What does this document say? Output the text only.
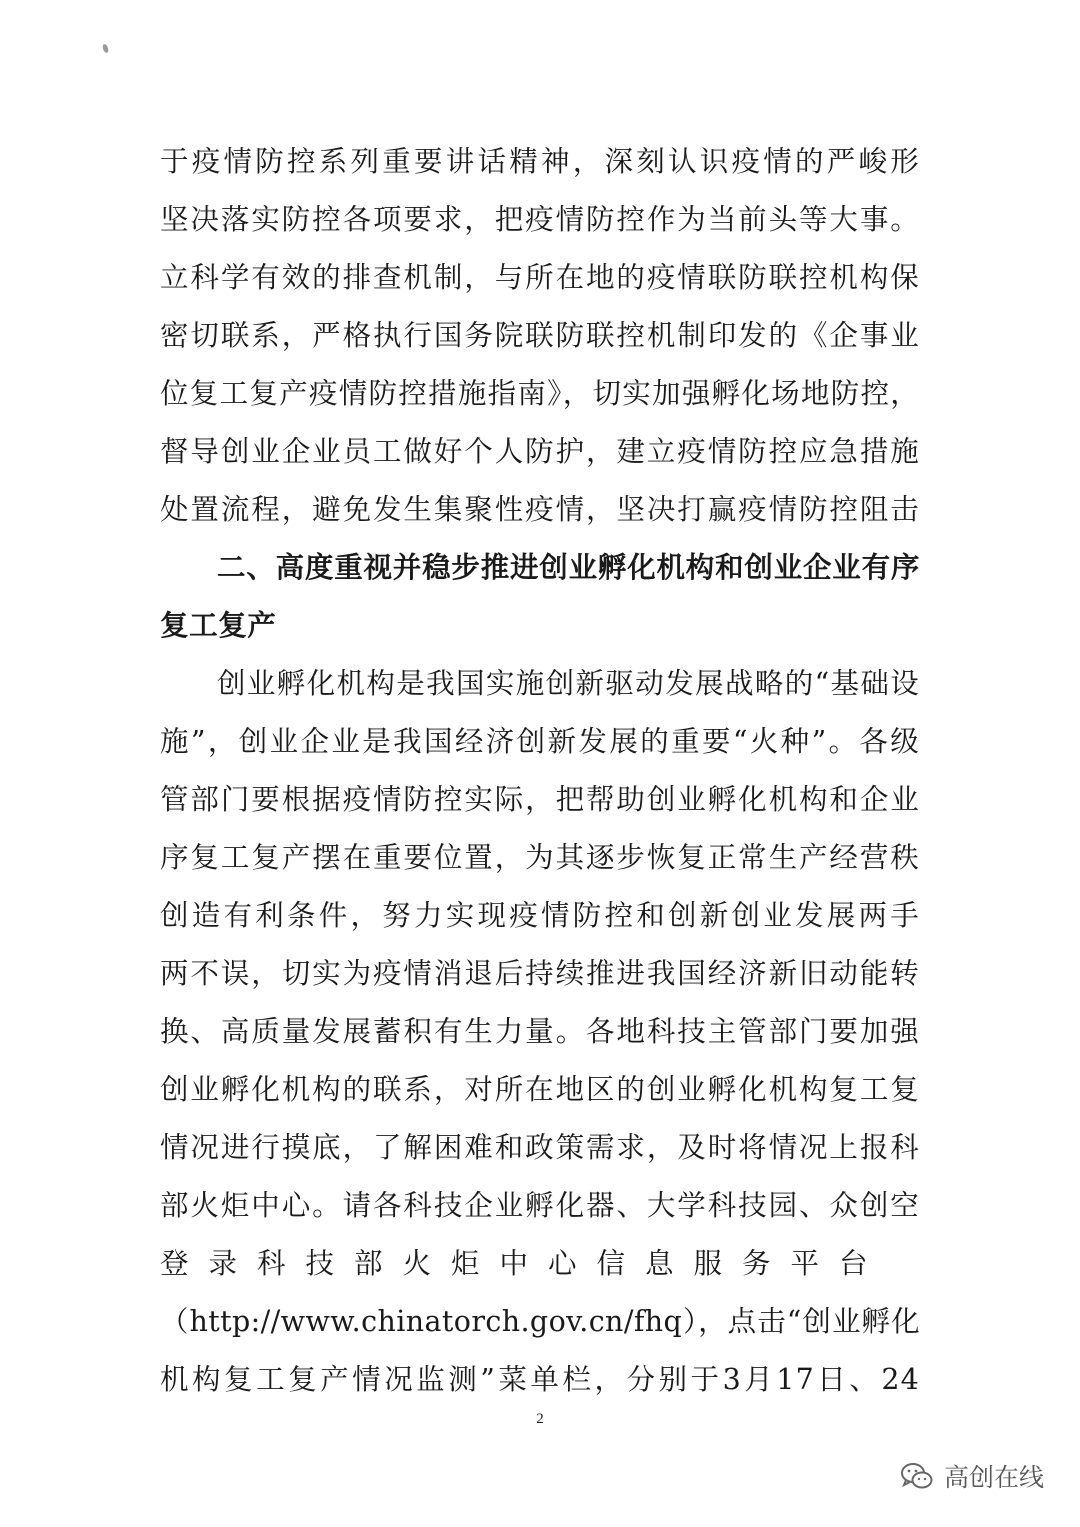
于疫情防控系列重要讲话精神，深刻认识疫情的严峻形
坚决落实防控各项要求，把疫情防控作为当前头等大事。
立科学有效的排查机制，与所在地的疫情联防联控机构保
密切联系，严格执行国务院联防联控机制印发的《企事业
位复工复产疫情防控措施指南》，切实加强孵化场地防控，
督导创业企业员工做好个人防护，建立疫情防控应急措施
处置流程，避免发生集聚性疫情，坚决打赢疫情防控阻击
二、高度重视并稳步推进创业孵化机构和创业企业有序
复工复产
创业孵化机构是我国实施创新驱动发展战略的“基础设
施”，创业企业是我国经济创新发展的重要“火种”。各级
管部门要根据疫情防控实际，把帮助创业孵化机构和企业
序复工复产摆在重要位置，为其逐步恢复正常生产经营秩
创造有利条件，努力实现疫情防控和创新创业发展两手
两不误，切实为疫情消退后持续推进我国经济新旧动能转
换、高质量发展蓄积有生力量。各地科技主管部门要加强
创业孵化机构的联系，对所在地区的创业孵化机构复工复
情况进行摸底，了解困难和政策需求，及时将情况上报科
部火炬中心。请各科技企业孵化器、大学科技园、众创空
登录科技部火炬中心信息服务平台
（http://www.chinatorch.gov.cn/fhq），点击“创业孵化
机构复工复产情况监测”菜单栏，分别于3月17日、24
2
高创在线
